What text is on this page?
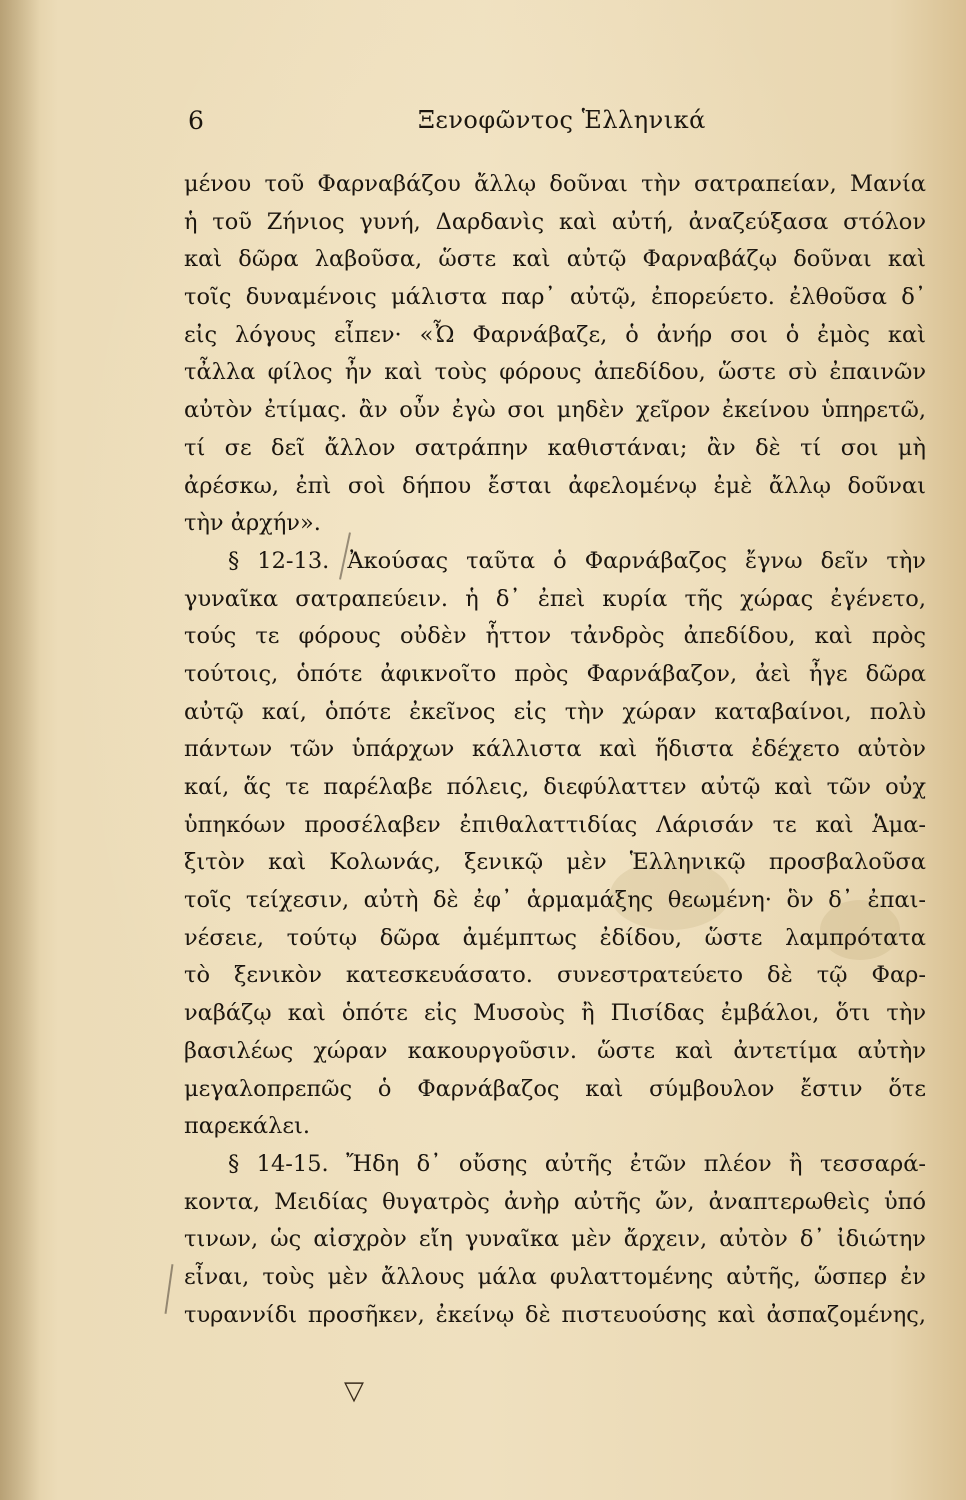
6	Ξενοφῶντος Ἑλληνικά
μένου τοῦ Φαρναβάζου ἄλλῳ δοῦναι τὴν σατραπείαν, Μανία
ἡ τοῦ Ζήνιος γυνή, Δαρδανὶς καὶ αὐτή, ἀναζεύξασα στόλον
καὶ δῶρα λαβοῦσα, ὥστε καὶ αὐτῷ Φαρναβάζῳ δοῦναι καὶ
τοῖς δυναμένοις μάλιστα παρ᾿ αὐτῷ, ἐπορεύετο. ἐλθοῦσα δ᾿
εἰς λόγους εἶπεν· «Ὦ Φαρνάβαζε, ὁ ἀνήρ σοι ὁ ἐμὸς καὶ
τἆλλα φίλος ἦν καὶ τοὺς φόρους ἀπεδίδου, ὥστε σὺ ἐπαινῶν
αὐτὸν ἐτίμας. ἂν οὖν ἐγὼ σοι μηδὲν χεῖρον ἐκείνου ὑπηρετῶ,
τί σε δεῖ ἄλλον σατράπην καθιστάναι; ἂν δὲ τί σοι μὴ
ἀρέσκω, ἐπὶ σοὶ δήπου ἔσται ἀφελομένῳ ἐμὲ ἄλλῳ δοῦναι
τὴν ἀρχήν».
§ 12-13. Ἀκούσας ταῦτα ὁ Φαρνάβαζος ἔγνω δεῖν τὴν
γυναῖκα σατραπεύειν. ἡ δ᾿ ἐπεὶ κυρία τῆς χώρας ἐγένετο,
τούς τε φόρους οὐδὲν ἧττον τἀνδρὸς ἀπεδίδου, καὶ πρὸς
τούτοις, ὁπότε ἀφικνοῖτο πρὸς Φαρνάβαζον, ἀεὶ ἦγε δῶρα
αὐτῷ καί, ὁπότε ἐκεῖνος εἰς τὴν χώραν καταβαίνοι, πολὺ
πάντων τῶν ὑπάρχων κάλλιστα καὶ ἥδιστα ἐδέχετο αὐτὸν
καί, ἅς τε παρέλαβε πόλεις, διεφύλαττεν αὐτῷ καὶ τῶν οὐχ
ὑπηκόων προσέλαβεν ἐπιθαλαττιδίας Λάρισάν τε καὶ Ἁμα-
ξιτὸν καὶ Κολωνάς, ξενικῷ μὲν Ἑλληνικῷ προσβαλοῦσα
τοῖς τείχεσιν, αὐτὴ δὲ ἐφ᾿ ἁρμαμάξης θεωμένη· ὃν δ᾿ ἐπαι-
νέσειε, τούτῳ δῶρα ἀμέμπτως ἐδίδου, ὥστε λαμπρότατα
τὸ ξενικὸν κατεσκευάσατο. συνεστρατεύετο δὲ τῷ Φαρ-
ναβάζῳ καὶ ὁπότε εἰς Μυσοὺς ἢ Πισίδας ἐμβάλοι, ὅτι τὴν
βασιλέως χώραν κακουργοῦσιν. ὥστε καὶ ἀντετίμα αὐτὴν
μεγαλοπρεπῶς ὁ Φαρνάβαζος καὶ σύμβουλον ἔστιν ὅτε
παρεκάλει.
§ 14-15. Ἤδη δ᾿ οὔσης αὐτῆς ἐτῶν πλέον ἢ τεσσαρά-
κοντα, Μειδίας θυγατρὸς ἀνὴρ αὐτῆς ὤν, ἀναπτερωθεὶς ὑπό
τινων, ὡς αἰσχρὸν εἴη γυναῖκα μὲν ἄρχειν, αὐτὸν δ᾿ ἰδιώτην
εἶναι, τοὺς μὲν ἄλλους μάλα φυλαττομένης αὐτῆς, ὥσπερ ἐν
τυραννίδι προσῆκεν, ἐκείνῳ δὲ πιστευούσης καὶ ἀσπαζομένης,
▽
